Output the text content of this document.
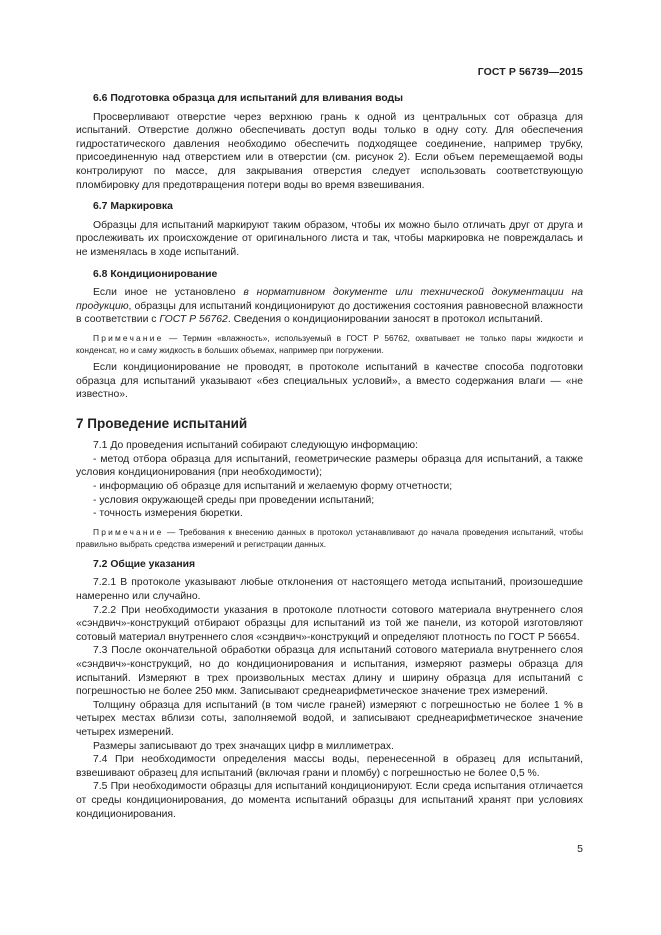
ГОСТ Р 56739—2015
6.6 Подготовка образца для испытаний для вливания воды

Просверливают отверстие через верхнюю грань к одной из центральных сот образца для испытаний. Отверстие должно обеспечивать доступ воды только в одну соту. Для обеспечения гидростатического давления необходимо обеспечить подходящее соединение, например трубку, присоединенную над отверстием или в отверстии (см. рисунок 2). Если объем перемещаемой воды контролируют по массе, для закрывания отверстия следует использовать соответствующую пломбировку для предотвращения потери воды во время взвешивания.

6.7 Маркировка

Образцы для испытаний маркируют таким образом, чтобы их можно было отличать друг от друга и прослеживать их происхождение от оригинального листа и так, чтобы маркировка не повреждалась и не изменялась в ходе испытаний.

6.8 Кондиционирование

Если иное не установлено в нормативном документе или технической документации на продукцию, образцы для испытаний кондиционируют до достижения состояния равновесной влажности в соответствии с ГОСТ Р 56762. Сведения о кондиционировании заносят в протокол испытаний.

Примечание — Термин «влажность», используемый в ГОСТ Р 56762, охватывает не только пары жидкости и конденсат, но и саму жидкость в больших объемах, например при погружении.

Если кондиционирование не проводят, в протоколе испытаний в качестве способа подготовки образца для испытаний указывают «без специальных условий», а вместо содержания влаги — «не известно».

7 Проведение испытаний

7.1 До проведения испытаний собирают следующую информацию:

- метод отбора образца для испытаний, геометрические размеры образца для испытаний, а также условия кондиционирования (при необходимости);

- информацию об образце для испытаний и желаемую форму отчетности;

- условия окружающей среды при проведении испытаний;

- точность измерения бюретки.

Примечание — Требования к внесению данных в протокол устанавливают до начала проведения испытаний, чтобы правильно выбрать средства измерений и регистрации данных.

7.2 Общие указания

7.2.1 В протоколе указывают любые отклонения от настоящего метода испытаний, произошедшие намеренно или случайно.

7.2.2 При необходимости указания в протоколе плотности сотового материала внутреннего слоя «сэндвич»-конструкций отбирают образцы для испытаний из той же панели, из которой изготовляют сотовый материал внутреннего слоя «сэндвич»-конструкций и определяют плотность по ГОСТ Р 56654.

7.3 После окончательной обработки образца для испытаний сотового материала внутреннего слоя «сэндвич»-конструкций, но до кондиционирования и испытания, измеряют размеры образца для испытаний. Измеряют в трех произвольных местах длину и ширину образца для испытаний с погрешностью не более 250 мкм. Записывают среднеарифметическое значение трех измерений.

Толщину образца для испытаний (в том числе граней) измеряют с погрешностью не более 1 % в четырех местах вблизи соты, заполняемой водой, и записывают среднеарифметическое значение четырех измерений.

Размеры записывают до трех значащих цифр в миллиметрах.

7.4 При необходимости определения массы воды, перенесенной в образец для испытаний, взвешивают образец для испытаний (включая грани и пломбу) с погрешностью не более 0,5 %.

7.5 При необходимости образцы для испытаний кондиционируют. Если среда испытания отличается от среды кондиционирования, до момента испытаний образцы для испытаний хранят при условиях кондиционирования.

5
